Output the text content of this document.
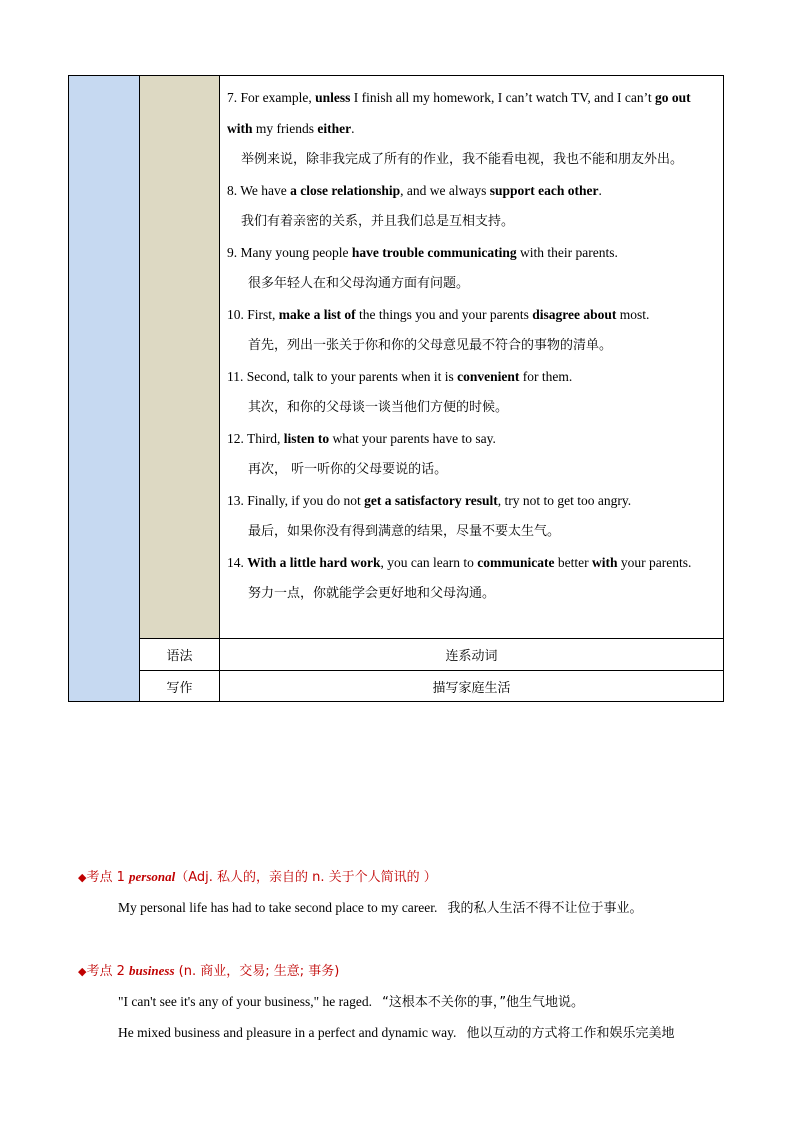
7. For example, unless I finish all my homework, I can’t watch TV, and I can’t go out
with my friends either.
举例来说，除非我完成了所有的作业，我不能看电视，我也不能和朋友外出。
8. We have a close relationship, and we always support each other.
我们有着亲密的关系，并且我们总是互相支持。
9. Many young people have trouble communicating with their parents.
很多年轻人在和父母沟通方面有问题。
10. First, make a list of the things you and your parents disagree about most.
首先，列出一张关于你和你的父母意见最不符合的事物的清单。
11. Second, talk to your parents when it is convenient for them.
其次，和你的父母谈一谈当他们方便的时候。
12. Third, listen to what your parents have to say.
再次， 听一听你的父母要说的话。
13. Finally, if you do not get a satisfactory result, try not to get too angry.
最后，如果你没有得到满意的结果，尽量不要太生气。
14. With a little hard work, you can learn to communicate better with your parents.
努力一点，你就能学会更好地和父母沟通。
语法	连系动词
写作	描写家庭生活
◆考点 1 personal（Adj. 私人的，亲自的 n. 关于个人简讯的 ）
My personal life has had to take second place to my career. 我的私人生活不得不让位于事业。
◆考点 2 business (n. 商业，交易; 生意; 事务)
"I can't see it's any of your business," he raged. “这根本不关你的事，”他生气地说。
He mixed business and pleasure in a perfect and dynamic way. 他以互动的方式将工作和娱乐完美地
